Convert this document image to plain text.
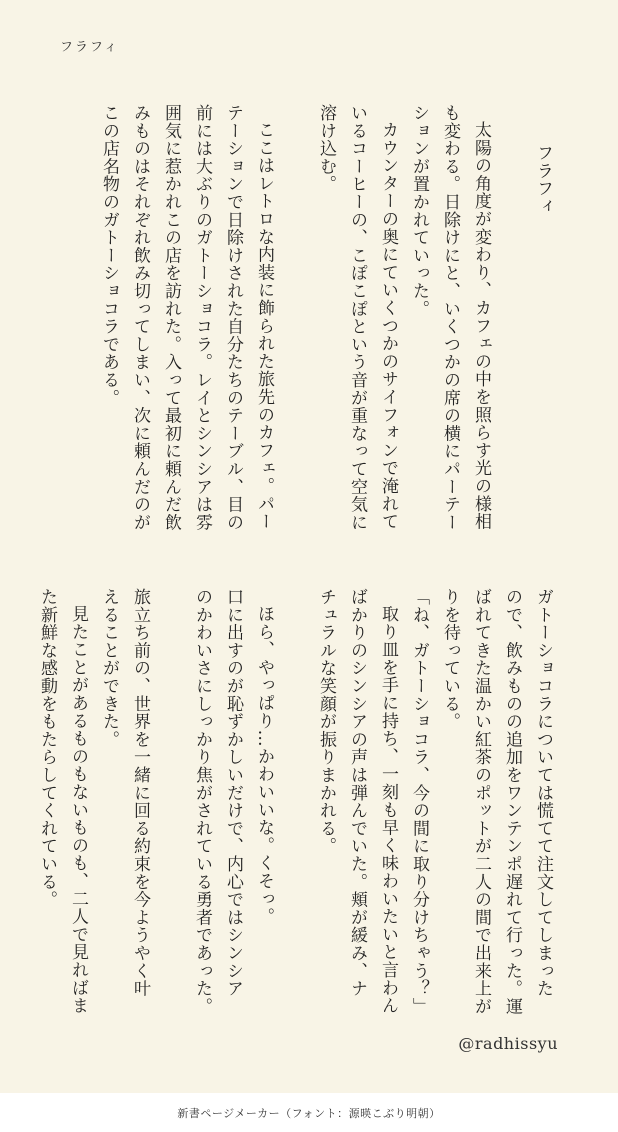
フラフィ

フラフィ

太陽の角度が変わり、カフェの中を照らす光の様相

も変わる。日除けにと、いくつかの席の横にパーテー

ションが置かれていった。

カウンターの奥にていくつかのサイフォンで淹れて

いるコーヒーの、こぽこぽという音が重なって空気に

溶け込む。

ここはレトロな内装に飾られた旅先のカフェ。パー

テーションで日除けされた自分たちのテーブル、目の

前には大ぶりのガトーショコラ。レイとシンシアは雰

囲気に惹かれこの店を訪れた。入って最初に頼んだ飲

みものはそれぞれ飲み切ってしまい、次に頼んだのが

この店名物のガトーショコラである。

ガトーショコラについては慌てて注文してしまった

ので、飲みものの追加をワンテンポ遅れて行った。運

ばれてきた温かい紅茶のポットが二人の間で出来上が

りを待っている。

「ね、ガトーショコラ、今の間に取り分けちゃう？」

取り皿を手に持ち、一刻も早く味わいたいと言わん

ばかりのシンシアの声は弾んでいた。頬が緩み、ナ

チュラルな笑顔が振りまかれる。

ほら、やっぱり…かわいいな。くそっ。

口に出すのが恥ずかしいだけで、内心ではシンシア

のかわいさにしっかり焦がされている勇者であった。

旅立ち前の、世界を一緒に回る約束を今ようやく叶

えることができた。

見たことがあるものもないものも、二人で見ればま

た新鮮な感動をもたらしてくれている。

@radhissyu
新書ページメーカー（フォント：源暎こぶり明朝）
